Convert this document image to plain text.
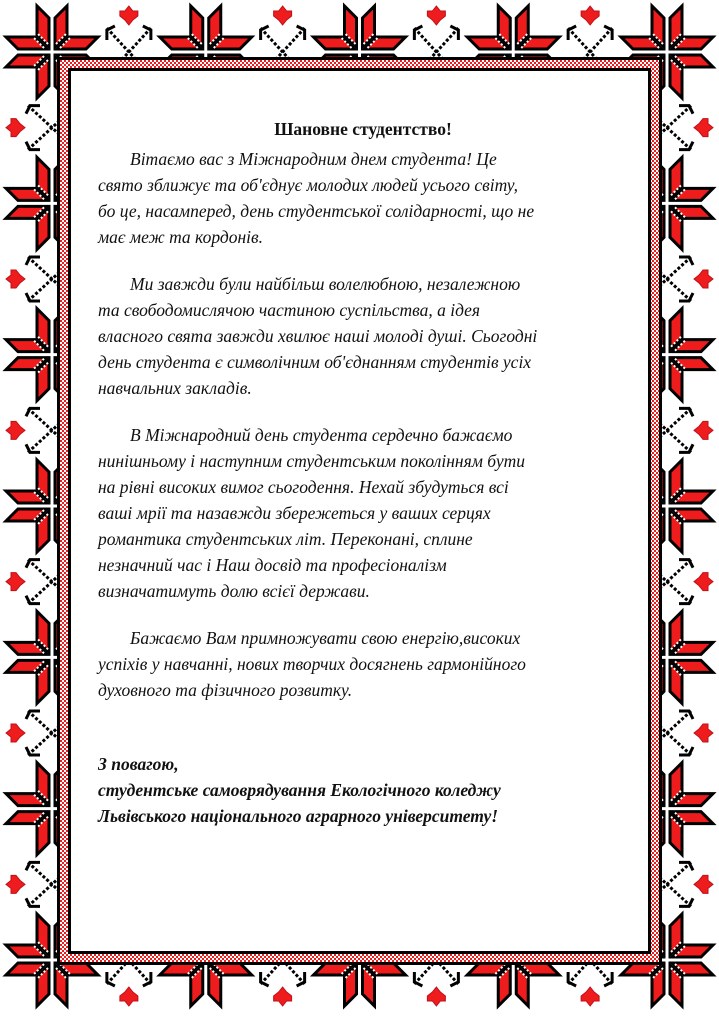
Шановне студентство!
Вітаємо вас з Міжнародним днем студента! Це
свято зближує та об'єднує молодих людей усього світу,
бо це, насамперед, день студентської солідарності, що не
має меж та кордонів.
Ми завжди були найбільш волелюбною, незалежною
та свободомислячою частиною суспільства, а ідея
власного свята завжди хвилює наші молоді душі. Сьогодні
день студента є символічним об'єднанням студентів усіх
навчальних закладів.
В Міжнародний день студента сердечно бажаємо
нинішньому і наступним студентським поколінням бути
на рівні високих вимог сьогодення. Нехай збудуться всі
ваші мрії та назавжди збережеться у ваших серцях
романтика студентських літ. Переконані, сплине
незначний час і Наш досвід та професіоналізм
визначатимуть долю всієї держави.
Бажаємо Вам примножувати свою енергію,високих
успіхів у навчанні, нових творчих досягнень гармонійного
духовного та фізичного розвитку.
З повагою,
студентське самоврядування Екологічного коледжу
Львівського національного аграрного університету!
